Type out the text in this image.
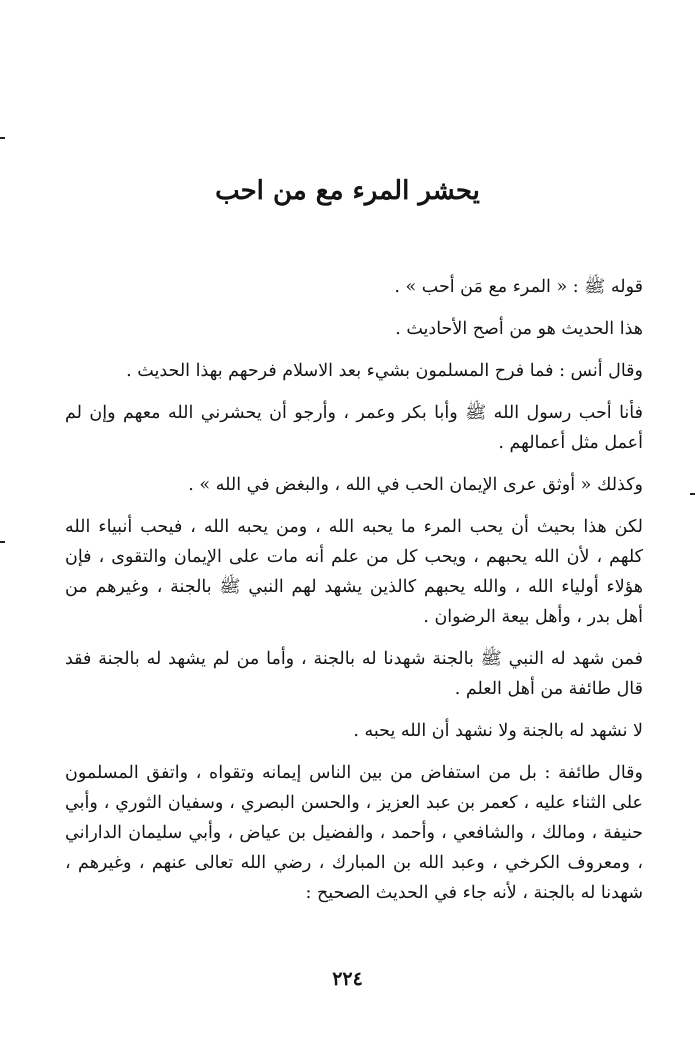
يحشر المرء مع من احب

قوله ﷺ : « المرء مع مَن أحب » .

هذا الحديث هو من أصح الأحاديث .

وقال أنس : فما فرح المسلمون بشيء بعد الاسلام فرحهم بهذا الحديث .

فأنا أحب رسول الله ﷺ وأبا بكر وعمر ، وأرجو أن يحشرني الله معهم وإن لم أعمل مثل أعمالهم .

وكذلك « أوثق عرى الإيمان الحب في الله ، والبغض في الله » .

لكن هذا بحيث أن يحب المرء ما يحبه الله ، ومن يحبه الله ، فيحب أنبياء الله كلهم ، لأن الله يحبهم ، ويحب كل من علم أنه مات على الإيمان والتقوى ، فإن هؤلاء أولياء الله ، والله يحبهم كالذين يشهد لهم النبي ﷺ بالجنة ، وغيرهم من أهل بدر ، وأهل بيعة الرضوان .

فمن شهد له النبي ﷺ بالجنة شهدنا له بالجنة ، وأما من لم يشهد له بالجنة فقد قال طائفة من أهل العلم .

لا نشهد له بالجنة ولا نشهد أن الله يحبه .

وقال طائفة : بل من استفاض من بين الناس إيمانه وتقواه ، واتفق المسلمون على الثناء عليه ، كعمر بن عبد العزيز ، والحسن البصري ، وسفيان الثوري ، وأبي حنيفة ، ومالك ، والشافعي ، وأحمد ، والفضيل بن عياض ، وأبي سليمان الداراني ، ومعروف الكرخي ، وعبد الله بن المبارك ، رضي الله تعالى عنهم ، وغيرهم ، شهدنا له بالجنة ، لأنه جاء في الحديث الصحيح :

٢٢٤
